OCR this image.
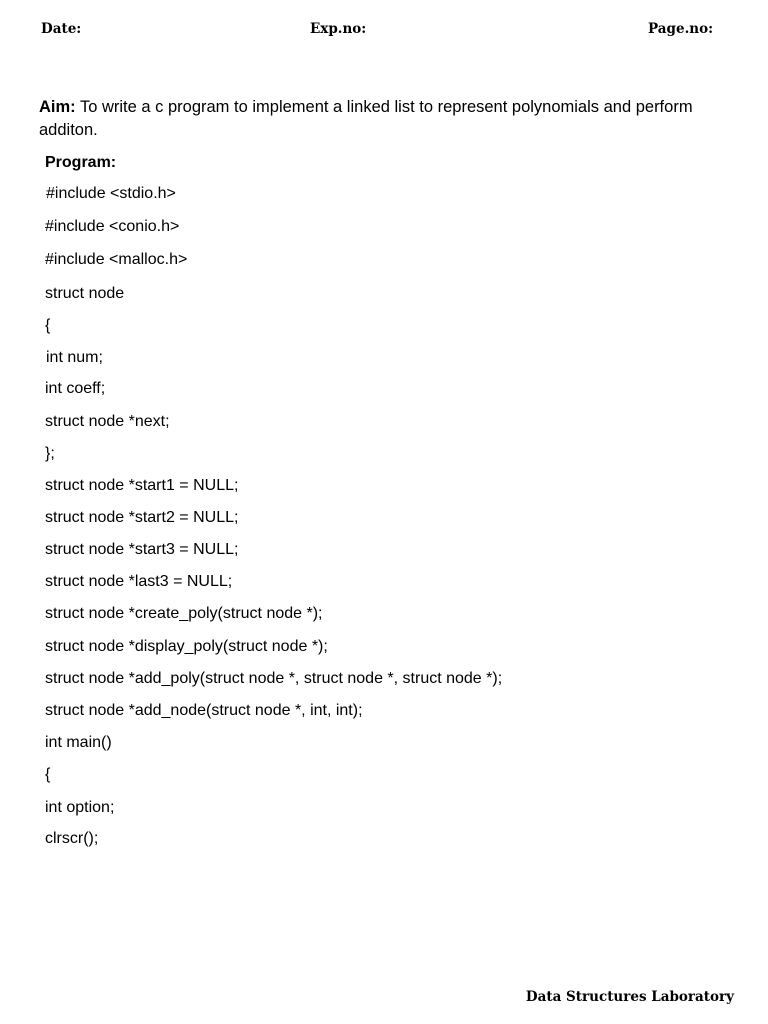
Date:	Exp.no:	Page.no:
Aim: To write a c program to implement a linked list to represent polynomials and perform additon.
Program:
#include <stdio.h>
#include <conio.h>
#include <malloc.h>
struct node
{
int num;
int coeff;
struct node *next;
};
struct node *start1 = NULL;
struct node *start2 = NULL;
struct node *start3 = NULL;
struct node *last3 = NULL;
struct node *create_poly(struct node *);
struct node *display_poly(struct node *);
struct node *add_poly(struct node *, struct node *, struct node *);
struct node *add_node(struct node *, int, int);
int main()
{
int option;
clrscr();
Data Structures Laboratory
